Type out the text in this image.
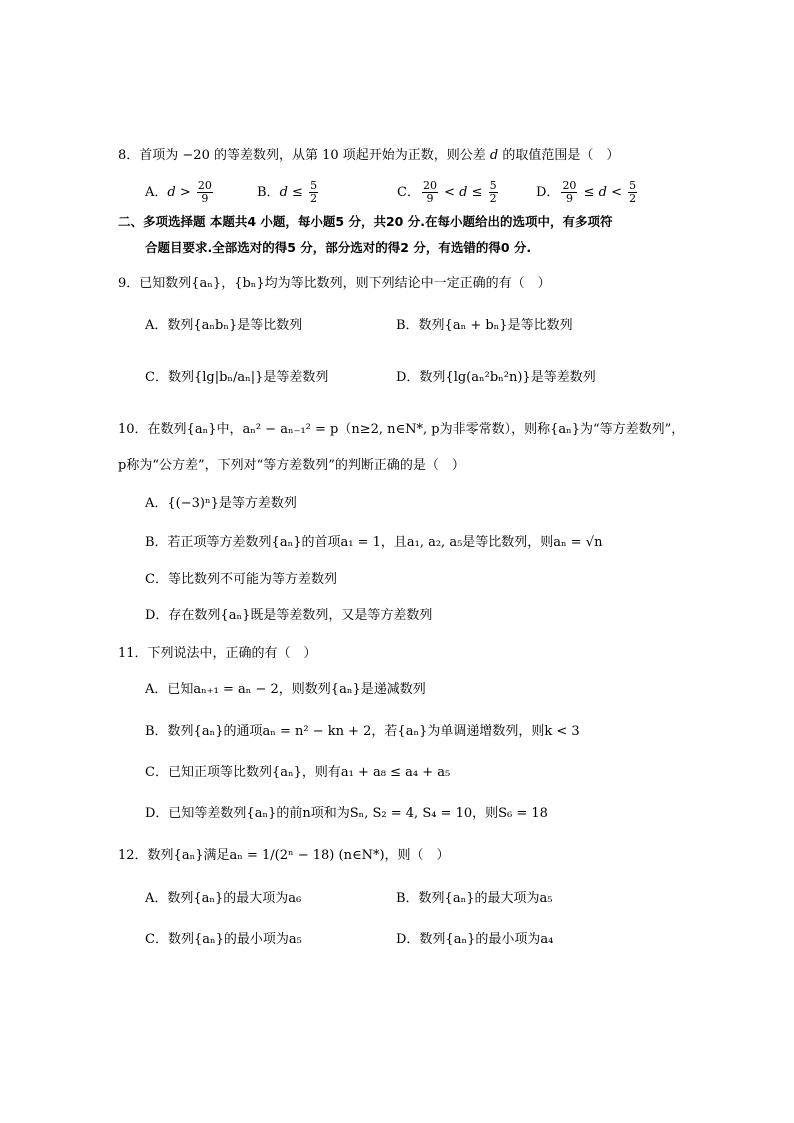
8．首项为 −20 的等差数列，从第 10 项起开始为正数，则公差 d 的取值范围是（　）
A．$d > \frac{20}{9}$	B．$d \le \frac{5}{2}$	C． $\frac{20}{9} < d \le \frac{5}{2}$	D． $\frac{20}{9} \le d < \frac{5}{2}$
二、多项选择题 本题共4 小题，每小题5 分，共20 分.在每小题给出的选项中，有多项符
合题目要求.全部选对的得5 分，部分选对的得2 分，有选错的得0 分.
9．已知数列{aₙ}，{bₙ}均为等比数列，则下列结论中一定正确的有（　）
A．数列{aₙbₙ}是等比数列	B．数列{aₙ + bₙ}是等比数列
C．数列{lg|bₙ/aₙ|}是等差数列	D．数列{lg(aₙ²bₙ²n)}是等差数列
10．在数列{aₙ}中，aₙ² − aₙ₋₁² = p（n≥2, n∈N*, p为非零常数），则称{aₙ}为“等方差数列”，
p称为“公方差”，下列对“等方差数列”的判断正确的是（　）
A．{(−3)ⁿ}是等方差数列
B．若正项等方差数列{aₙ}的首项a₁ = 1，且a₁, a₂, a₅是等比数列，则aₙ = √n
C．等比数列不可能为等方差数列
D．存在数列{aₙ}既是等差数列，又是等方差数列
11．下列说法中，正确的有（　）
A．已知aₙ₊₁ = aₙ − 2，则数列{aₙ}是递减数列
B．数列{aₙ}的通项aₙ = n² − kn + 2，若{aₙ}为单调递增数列，则k < 3
C．已知正项等比数列{aₙ}，则有a₁ + a₈ ≤ a₄ + a₅
D．已知等差数列{aₙ}的前n项和为Sₙ, S₂ = 4, S₄ = 10，则S₆ = 18
12．数列{aₙ}满足aₙ = 1/(2ⁿ − 18) (n∈N*)，则（　）
A．数列{aₙ}的最大项为a₆	B．数列{aₙ}的最大项为a₅
C．数列{aₙ}的最小项为a₅	D．数列{aₙ}的最小项为a₄
